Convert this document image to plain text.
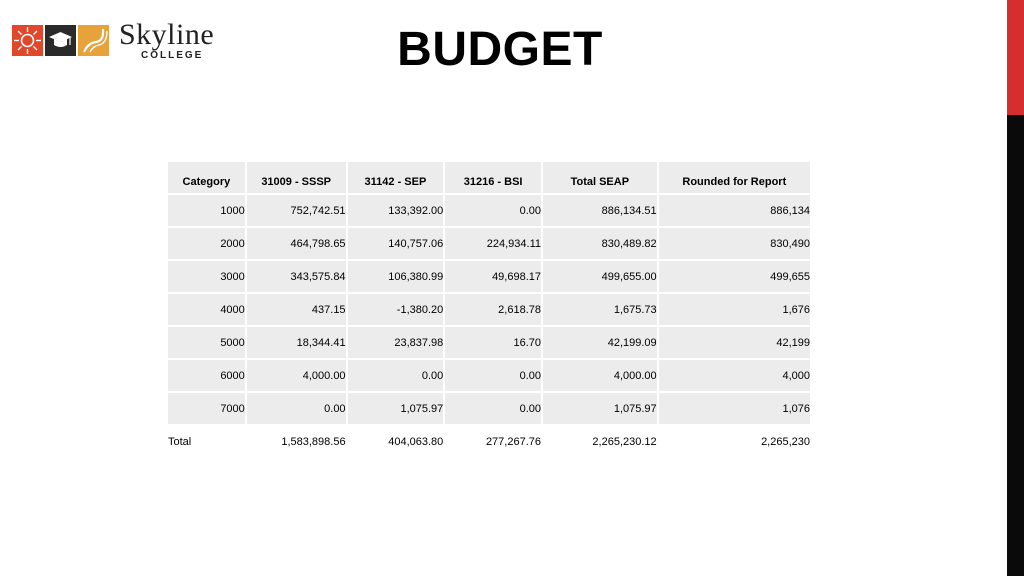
Skyline
COLLEGE	BUDGET
Category	31009 - SSSP	31142 - SEP	31216 - BSI	Total SEAP	Rounded for Report
1000	752,742.51	133,392.00	0.00	886,134.51	886,134
2000	464,798.65	140,757.06	224,934.11	830,489.82	830,490
3000	343,575.84	106,380.99	49,698.17	499,655.00	499,655
4000	437.15	-1,380.20	2,618.78	1,675.73	1,676
5000	18,344.41	23,837.98	16.70	42,199.09	42,199
6000	4,000.00	0.00	0.00	4,000.00	4,000
7000	0.00	1,075.97	0.00	1,075.97	1,076
Total	1,583,898.56	404,063.80	277,267.76	2,265,230.12	2,265,230
